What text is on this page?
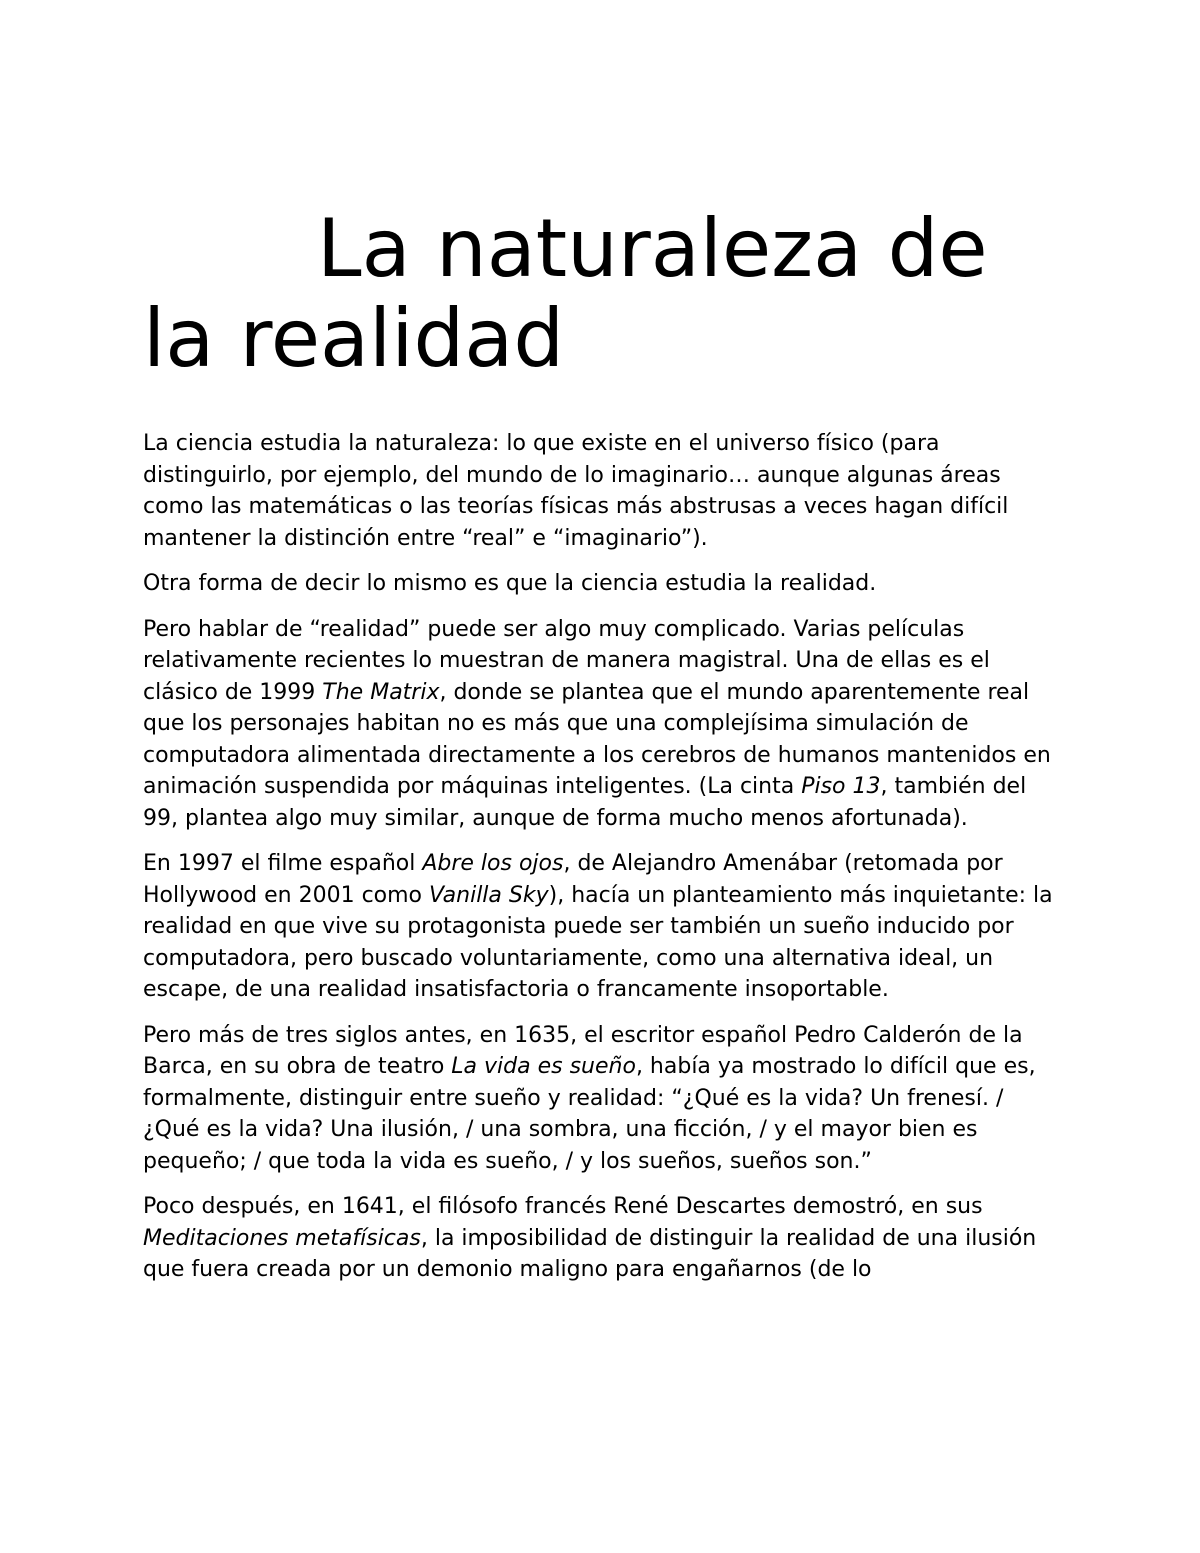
La naturaleza de la realidad

La ciencia estudia la naturaleza: lo que existe en el universo físico (para distinguirlo, por ejemplo, del mundo de lo imaginario… aunque algunas áreas como las matemáticas o las teorías físicas más abstrusas a veces hagan difícil mantener la distinción entre “real” e “imaginario”).

Otra forma de decir lo mismo es que la ciencia estudia la realidad.

Pero hablar de “realidad” puede ser algo muy complicado. Varias películas relativamente recientes lo muestran de manera magistral. Una de ellas es el clásico de 1999 The Matrix, donde se plantea que el mundo aparentemente real que los personajes habitan no es más que una complejísima simulación de computadora alimentada directamente a los cerebros de humanos mantenidos en animación suspendida por máquinas inteligentes. (La cinta Piso 13, también del 99, plantea algo muy similar, aunque de forma mucho menos afortunada).

En 1997 el filme español Abre los ojos, de Alejandro Amenábar (retomada por Hollywood en 2001 como Vanilla Sky), hacía un planteamiento más inquietante: la realidad en que vive su protagonista puede ser también un sueño inducido por computadora, pero buscado voluntariamente, como una alternativa ideal, un escape, de una realidad insatisfactoria o francamente insoportable.

Pero más de tres siglos antes, en 1635, el escritor español Pedro Calderón de la Barca, en su obra de teatro La vida es sueño, había ya mostrado lo difícil que es, formalmente, distinguir entre sueño y realidad: “¿Qué es la vida? Un frenesí. / ¿Qué es la vida? Una ilusión, / una sombra, una ficción, / y el mayor bien es pequeño; / que toda la vida es sueño, / y los sueños, sueños son.”

Poco después, en 1641, el filósofo francés René Descartes demostró, en sus Meditaciones metafísicas, la imposibilidad de distinguir la realidad de una ilusión que fuera creada por un demonio maligno para engañarnos (de lo
